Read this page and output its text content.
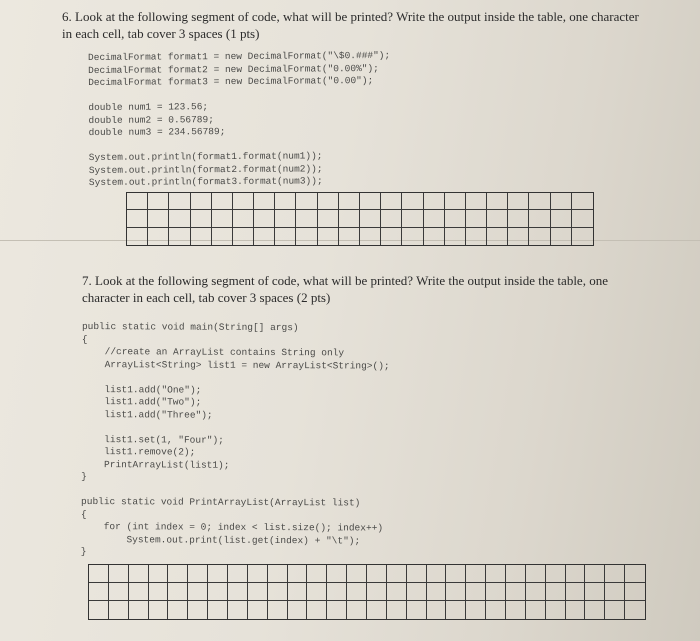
6. Look at the following segment of code, what will be printed? Write the output inside the table, one character in each cell, tab cover 3 spaces (1 pts)
DecimalFormat format1 = new DecimalFormat("\$0.###");
DecimalFormat format2 = new DecimalFormat("0.00%");
DecimalFormat format3 = new DecimalFormat("0.00");

double num1 = 123.56;
double num2 = 0.56789;
double num3 = 234.56789;

System.out.println(format1.format(num1));
System.out.println(format2.format(num2));
System.out.println(format3.format(num3));
7. Look at the following segment of code, what will be printed? Write the output inside the table, one character in each cell, tab cover 3 spaces (2 pts)
public static void main(String[] args)
{
//create an ArrayList contains String only
ArrayList<String> list1 = new ArrayList<String>();

list1.add("One");
list1.add("Two");
list1.add("Three");

list1.set(1, "Four");
list1.remove(2);
PrintArrayList(list1);
}

public static void PrintArrayList(ArrayList list)
{
for (int index = 0; index < list.size(); index++)
System.out.print(list.get(index) + "\t");
}
